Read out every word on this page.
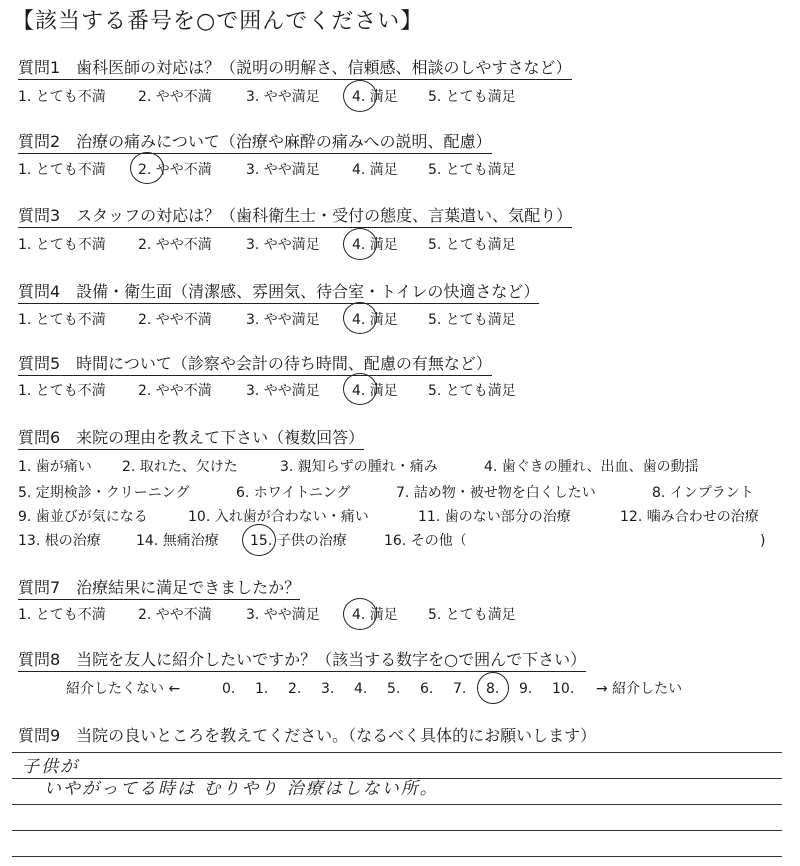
【該当する番号を○で囲んでください】
質問1　歯科医師の対応は？（説明の明解さ、信頼感、相談のしやすさなど）
1. とても不満 2. やや不満 3. やや満足 4. 満足 5. とても満足
質問2　治療の痛みについて（治療や麻酔の痛みへの説明、配慮）
1. とても不満 2. やや不満 3. やや満足 4. 満足 5. とても満足
質問3　スタッフの対応は？（歯科衛生士・受付の態度、言葉遣い、気配り）
1. とても不満 2. やや不満 3. やや満足 4. 満足 5. とても満足
質問4　設備・衛生面（清潔感、雰囲気、待合室・トイレの快適さなど）
1. とても不満 2. やや不満 3. やや満足 4. 満足 5. とても満足
質問5　時間について（診察や会計の待ち時間、配慮の有無など）
1. とても不満 2. やや不満 3. やや満足 4. 満足 5. とても満足
質問6　来院の理由を教えて下さい（複数回答）
1. 歯が痛い 2. 取れた、欠けた	3. 親知らずの腫れ・痛み	4. 歯ぐきの腫れ、出血、歯の動揺
5. 定期検診・クリーニング	6. ホワイトニング	7. 詰め物・被せ物を白くしたい	8. インプラント
9. 歯並びが気になる	10. 入れ歯が合わない・痛い	11. 歯のない部分の治療	12. 噛み合わせの治療
13. 根の治療	14. 無痛治療 15. 子供の治療	16. その他（	)
質問7　治療結果に満足できましたか？
1. とても不満 2. やや不満 3. やや満足 4. 満足 5. とても満足
質問8　当院を友人に紹介したいですか？（該当する数字を○で囲んで下さい）
紹介したくない ←	0. 1. 2. 3. 4. 5. 6. 7. 8. 9. 10. → 紹介したい
質問9　当院の良いところを教えてください。（なるべく具体的にお願いします）
子供が
いやがってる時は むりやり 治療はしない所。
